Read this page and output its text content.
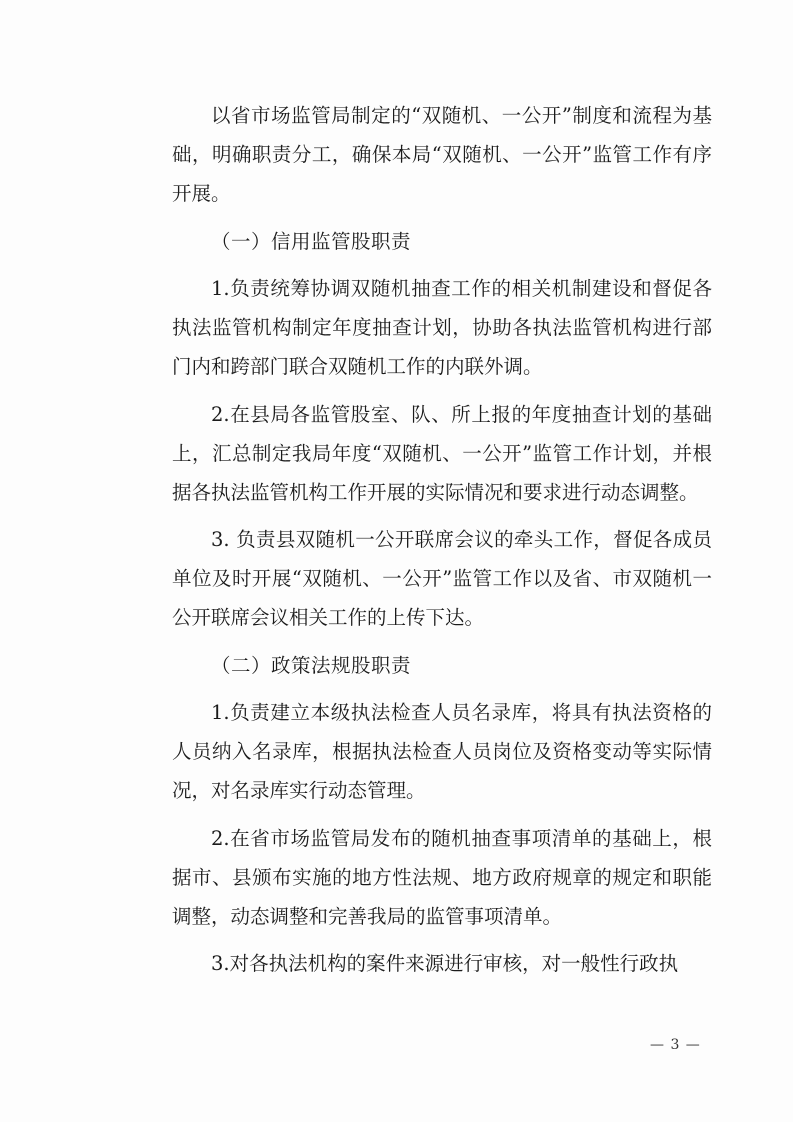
以省市场监管局制定的“双随机、一公开”制度和流程为基础，明确职责分工，确保本局“双随机、一公开”监管工作有序开展。

（一）信用监管股职责

1.负责统筹协调双随机抽查工作的相关机制建设和督促各执法监管机构制定年度抽查计划，协助各执法监管机构进行部门内和跨部门联合双随机工作的内联外调。

2.在县局各监管股室、队、所上报的年度抽查计划的基础上，汇总制定我局年度“双随机、一公开”监管工作计划，并根据各执法监管机构工作开展的实际情况和要求进行动态调整。

3. 负责县双随机一公开联席会议的牵头工作，督促各成员单位及时开展“双随机、一公开”监管工作以及省、市双随机一公开联席会议相关工作的上传下达。

（二）政策法规股职责

1.负责建立本级执法检查人员名录库，将具有执法资格的人员纳入名录库，根据执法检查人员岗位及资格变动等实际情况，对名录库实行动态管理。

2.在省市场监管局发布的随机抽查事项清单的基础上，根据市、县颁布实施的地方性法规、地方政府规章的规定和职能调整，动态调整和完善我局的监管事项清单。

3.对各执法机构的案件来源进行审核，对一般性行政执

— 3 —
